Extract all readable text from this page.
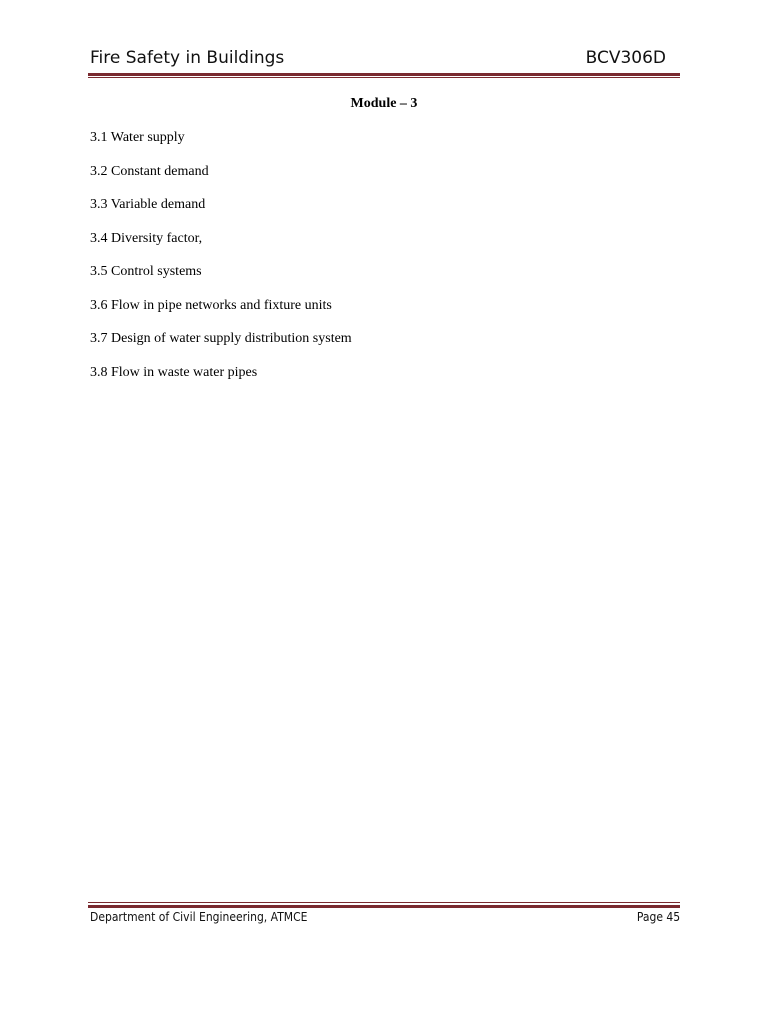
Fire Safety in Buildings	BCV306D
Module – 3
3.1 Water supply
3.2 Constant demand
3.3 Variable demand
3.4 Diversity factor,
3.5 Control systems
3.6 Flow in pipe networks and fixture units
3.7 Design of water supply distribution system
3.8 Flow in waste water pipes
Department of Civil Engineering, ATMCE	Page 45
